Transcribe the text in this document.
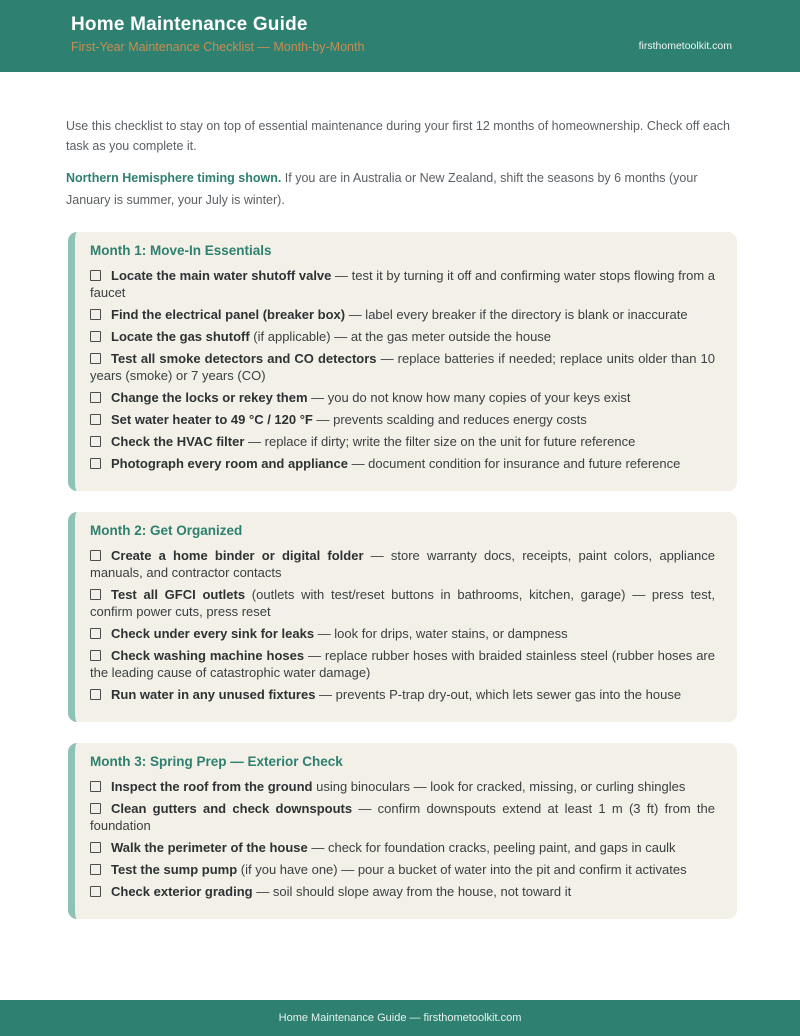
Home Maintenance Guide
First-Year Maintenance Checklist — Month-by-Month	firsthometoolkit.com

Use this checklist to stay on top of essential maintenance during your first 12 months of homeownership. Check off each task as you complete it.

Northern Hemisphere timing shown. If you are in Australia or New Zealand, shift the seasons by 6 months (your January is summer, your July is winter).

Month 1: Move-In Essentials

Locate the main water shutoff valve — test it by turning it off and confirming water stops flowing from a faucet

Find the electrical panel (breaker box) — label every breaker if the directory is blank or inaccurate

Locate the gas shutoff (if applicable) — at the gas meter outside the house

Test all smoke detectors and CO detectors — replace batteries if needed; replace units older than 10 years (smoke) or 7 years (CO)

Change the locks or rekey them — you do not know how many copies of your keys exist

Set water heater to 49 °C / 120 °F — prevents scalding and reduces energy costs

Check the HVAC filter — replace if dirty; write the filter size on the unit for future reference

Photograph every room and appliance — document condition for insurance and future reference

Month 2: Get Organized

Create a home binder or digital folder — store warranty docs, receipts, paint colors, appliance manuals, and contractor contacts

Test all GFCI outlets (outlets with test/reset buttons in bathrooms, kitchen, garage) — press test, confirm power cuts, press reset

Check under every sink for leaks — look for drips, water stains, or dampness

Check washing machine hoses — replace rubber hoses with braided stainless steel (rubber hoses are the leading cause of catastrophic water damage)

Run water in any unused fixtures — prevents P-trap dry-out, which lets sewer gas into the house

Month 3: Spring Prep — Exterior Check

Inspect the roof from the ground using binoculars — look for cracked, missing, or curling shingles

Clean gutters and check downspouts — confirm downspouts extend at least 1 m (3 ft) from the foundation

Walk the perimeter of the house — check for foundation cracks, peeling paint, and gaps in caulk

Test the sump pump (if you have one) — pour a bucket of water into the pit and confirm it activates

Check exterior grading — soil should slope away from the house, not toward it

Home Maintenance Guide — firsthometoolkit.com
